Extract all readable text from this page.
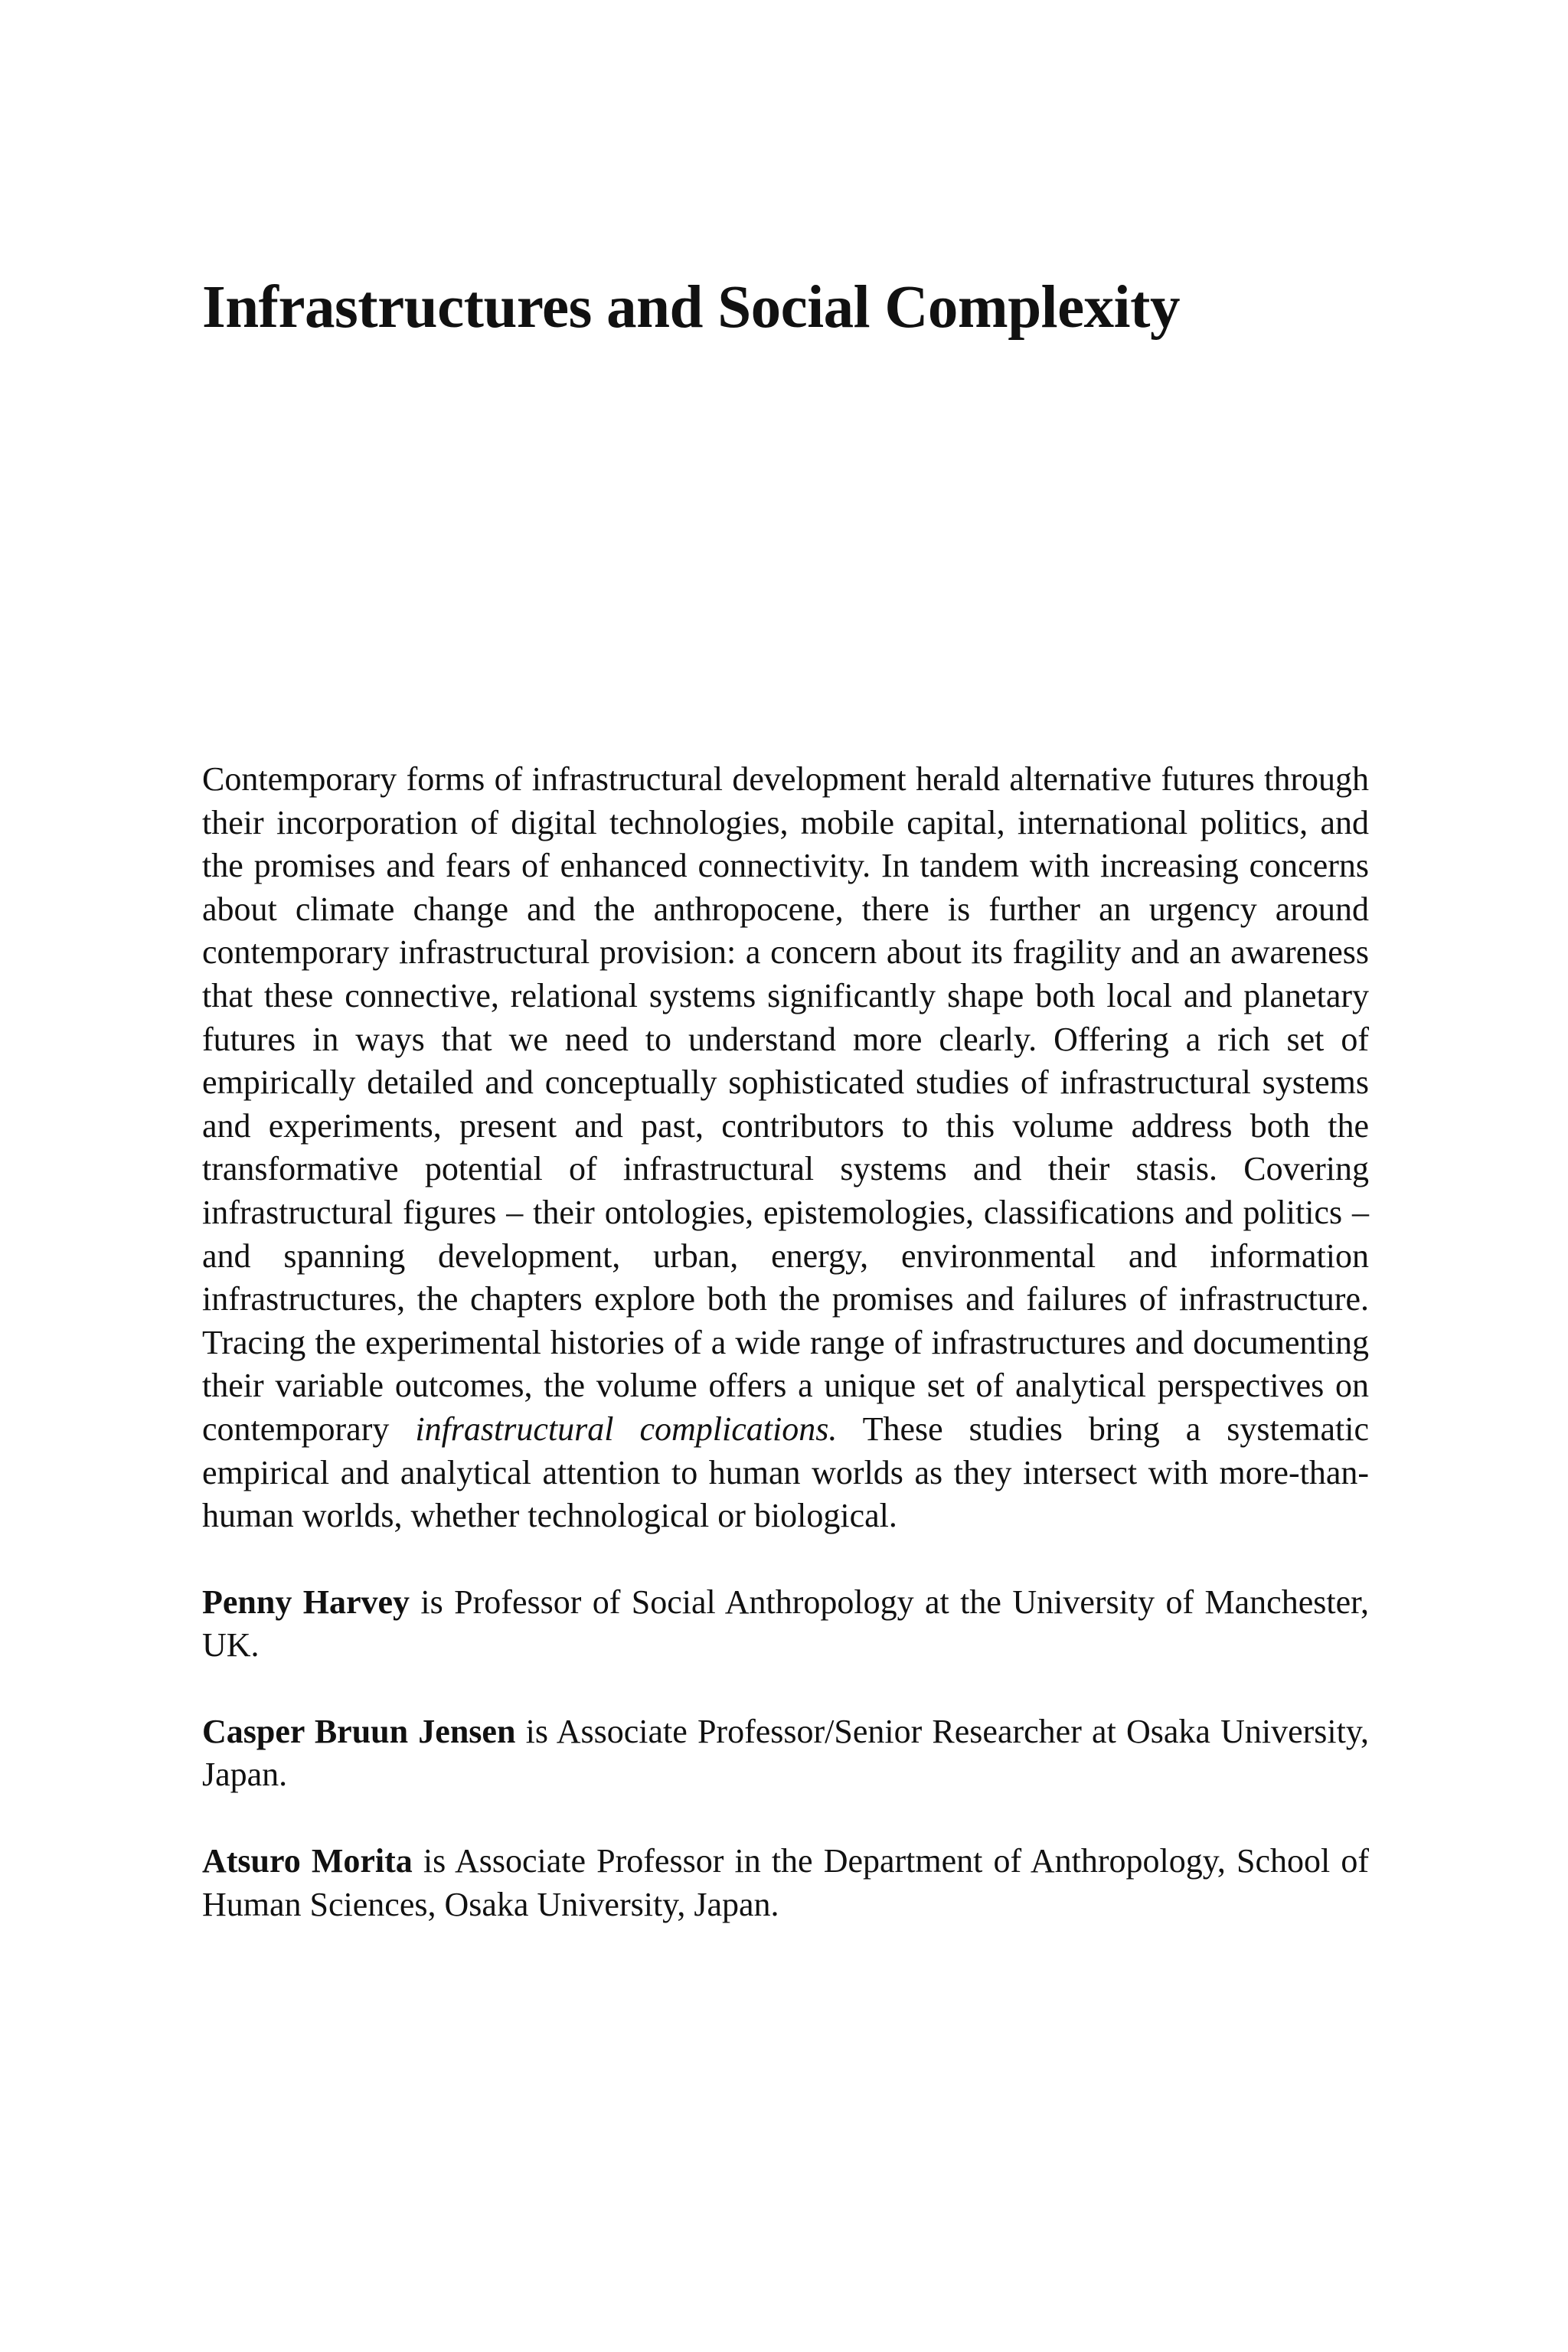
Infrastructures and Social Complexity

Contemporary forms of infrastructural development herald alternative futures through their incorporation of digital technologies, mobile capital, international politics, and the promises and fears of enhanced connectivity. In tandem with increasing concerns about climate change and the anthropocene, there is further an urgency around contemporary infrastructural provision: a concern about its fragility and an awareness that these connective, relational systems significantly shape both local and planetary futures in ways that we need to understand more clearly. Offering a rich set of empirically detailed and conceptually sophisticated studies of infrastructural systems and experiments, present and past, contributors to this volume address both the transformative potential of infrastructural systems and their stasis. Covering infrastructural figures – their ontologies, epistemologies, classifications and politics – and spanning development, urban, energy, environmental and information infrastructures, the chapters explore both the promises and failures of infrastructure. Tracing the experimental histories of a wide range of infrastructures and documenting their variable outcomes, the volume offers a unique set of analytical perspectives on contemporary infrastructural complications. These studies bring a systematic empirical and analytical attention to human worlds as they intersect with more-than-human worlds, whether technological or biological.

Penny Harvey is Professor of Social Anthropology at the University of Manchester, UK.

Casper Bruun Jensen is Associate Professor/Senior Researcher at Osaka University, Japan.

Atsuro Morita is Associate Professor in the Department of Anthropology, School of Human Sciences, Osaka University, Japan.
